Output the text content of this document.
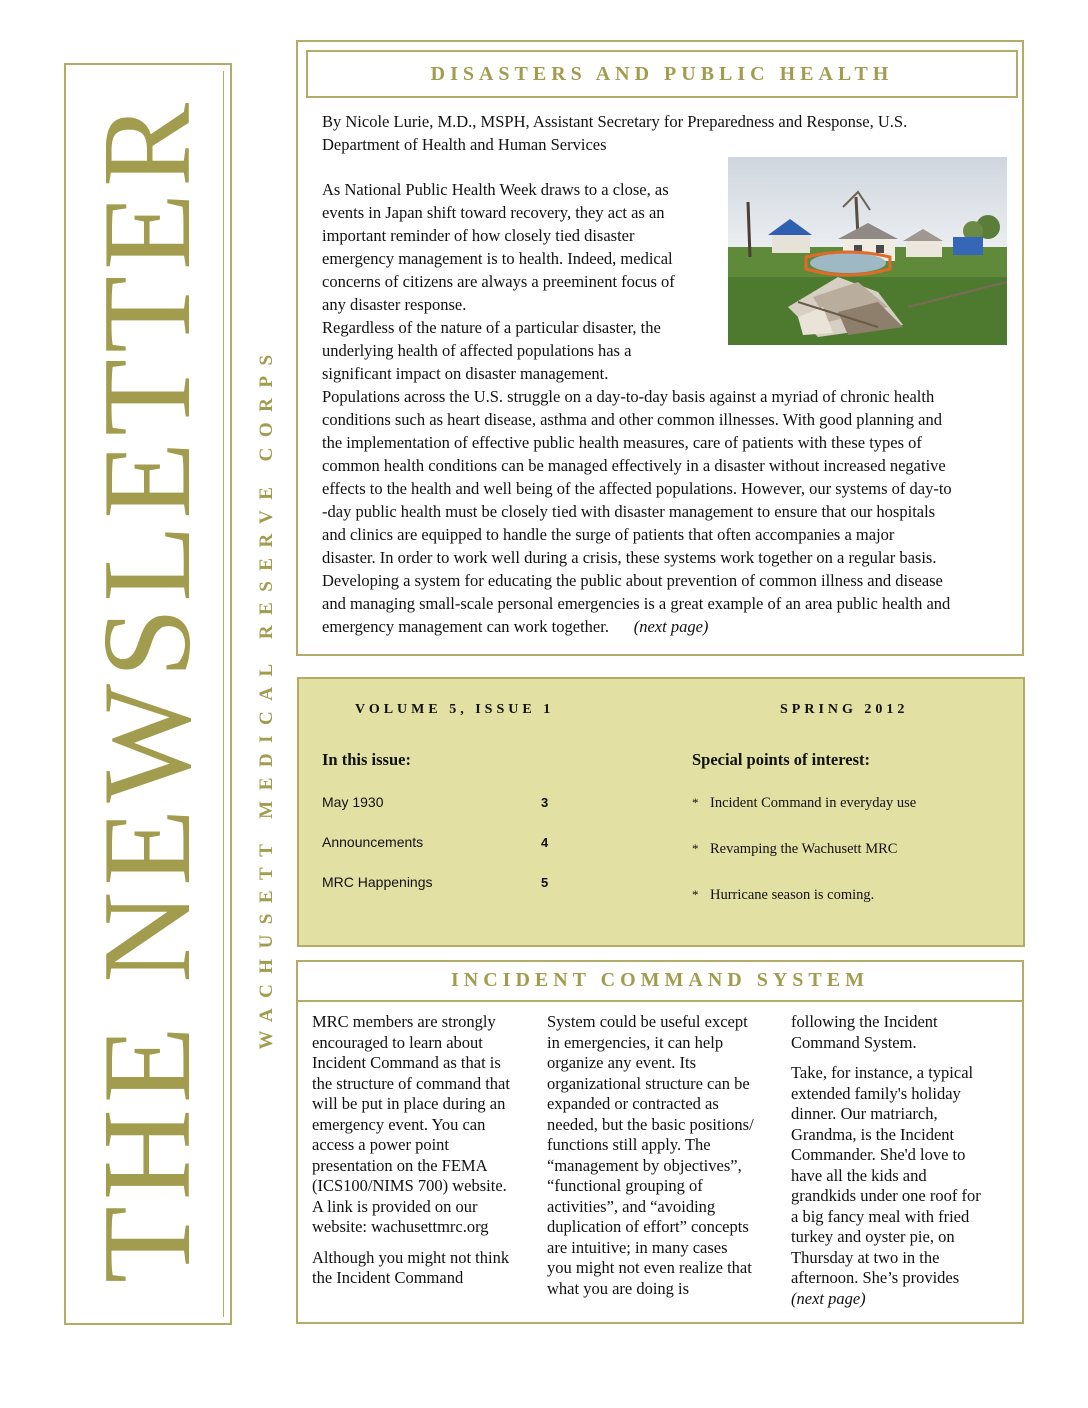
THE NEWSLETTER WACHUSETT MEDICAL RESERVE CORPS
DISASTERS AND PUBLIC HEALTH
By Nicole Lurie, M.D., MSPH, Assistant Secretary for Preparedness and Response, U.S.
Department of Health and Human Services
As National Public Health Week draws to a close, as
events in Japan shift toward recovery, they act as an
important reminder of how closely tied disaster
emergency management is to health. Indeed, medical
concerns of citizens are always a preeminent focus of
any disaster response.
Regardless of the nature of a particular disaster, the
underlying health of affected populations has a
significant impact on disaster management.
Populations across the U.S. struggle on a day-to-day basis against a myriad of chronic health
conditions such as heart disease, asthma and other common illnesses. With good planning and
the implementation of effective public health measures, care of patients with these types of
common health conditions can be managed effectively in a disaster without increased negative
effects to the health and well being of the affected populations. However, our systems of day-to
-day public health must be closely tied with disaster management to ensure that our hospitals
and clinics are equipped to handle the surge of patients that often accompanies a major
disaster. In order to work well during a crisis, these systems work together on a regular basis.
Developing a system for educating the public about prevention of common illness and disease
and managing small-scale personal emergencies is a great example of an area public health and
emergency management can work together. (next page)
VOLUME 5, ISSUE 1	SPRING 2012
In this issue:	Special points of interest:
May 1930	3
Announcements	4
MRC Happenings	5
* Incident Command in everyday use
* Revamping the Wachusett MRC
* Hurricane season is coming.
INCIDENT COMMAND SYSTEM
MRC members are strongly
encouraged to learn about
Incident Command as that is
the structure of command that
will be put in place during an
emergency event. You can
access a power point
presentation on the FEMA
(ICS100/NIMS 700) website.
A link is provided on our
website: wachusettmrc.org
Although you might not think
the Incident Command
System could be useful except
in emergencies, it can help
organize any event. Its
organizational structure can be
expanded or contracted as
needed, but the basic positions/
functions still apply. The
“management by objectives”,
“functional grouping of
activities”, and “avoiding
duplication of effort” concepts
are intuitive; in many cases
you might not even realize that
what you are doing is
following the Incident
Command System.
Take, for instance, a typical
extended family's holiday
dinner. Our matriarch,
Grandma, is the Incident
Commander. She'd love to
have all the kids and
grandkids under one roof for
a big fancy meal with fried
turkey and oyster pie, on
Thursday at two in the
afternoon. She’s provides
(next page)
